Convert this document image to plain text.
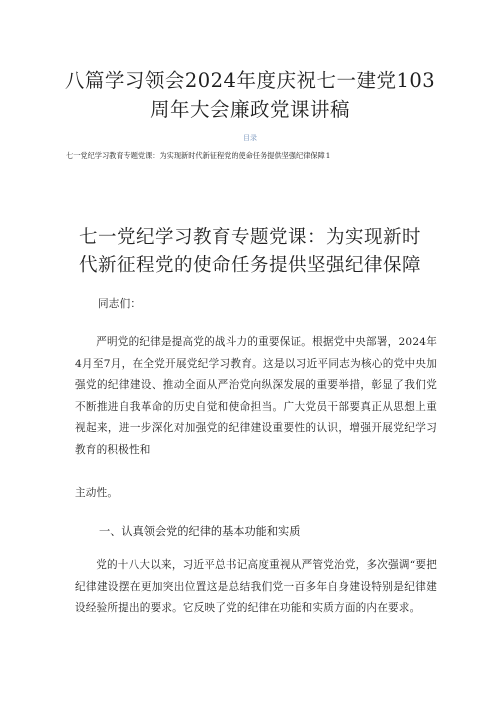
八篇学习领会2024年度庆祝七一建党103
周年大会廉政党课讲稿
目录
七一党纪学习教育专题党课：为实现新时代新征程党的使命任务提供坚强纪律保障1
七一党纪学习教育专题党课：为实现新时
代新征程党的使命任务提供坚强纪律保障

同志们：

严明党的纪律是提高党的战斗力的重要保证。根据党中央部署，2024年4月至7月，在全党开展党纪学习教育。这是以习近平同志为核心的党中央加强党的纪律建设、推动全面从严治党向纵深发展的重要举措，彰显了我们党不断推进自我革命的历史自觉和使命担当。广大党员干部要真正从思想上重视起来，进一步深化对加强党的纪律建设重要性的认识，增强开展党纪学习教育的积极性和

主动性。

一、认真领会党的纪律的基本功能和实质

党的十八大以来，习近平总书记高度重视从严管党治党，多次强调“要把纪律建设摆在更加突出位置这是总结我们党一百多年自身建设特别是纪律建设经验所提出的要求。它反映了党的纪律在功能和实质方面的内在要求。
